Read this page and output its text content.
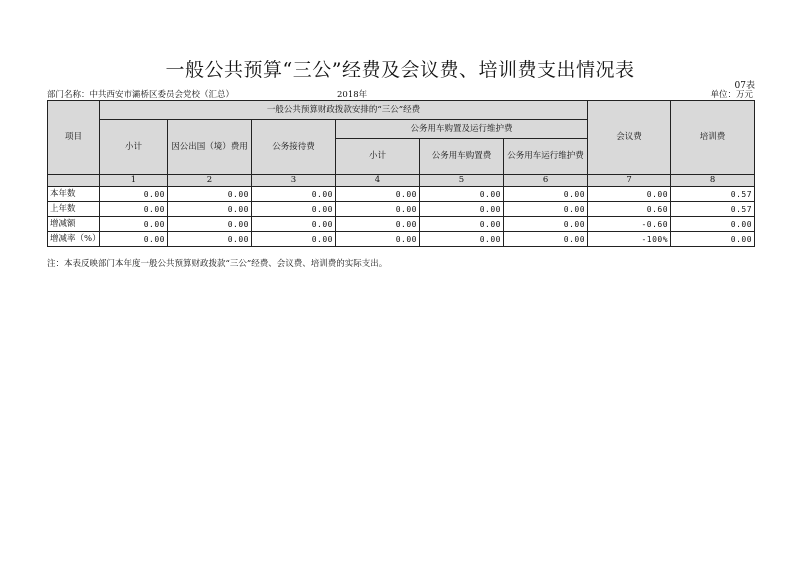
一般公共预算“三公”经费及会议费、培训费支出情况表
07表
部门名称：中共西安市灞桥区委员会党校（汇总）	2018年	单位：万元
项目	一般公共预算财政拨款安排的“三公”经费						会议费	培训费
	小计	因公出国（境）费用	公务接待费	公务用车购置及运行维护费				
				小计	公务用车购置费	公务用车运行维护费		

	1	2	3	4	5	6	7	8
本年数	0.00	0.00	0.00	0.00	0.00	0.00	0.00	0.57
上年数	0.00	0.00	0.00	0.00	0.00	0.00	0.60	0.57
增减额	0.00	0.00	0.00	0.00	0.00	0.00	-0.60	0.00
增减率（%）	0.00	0.00	0.00	0.00	0.00	0.00	-100%	0.00
注：本表反映部门本年度一般公共预算财政拨款“三公”经费、会议费、培训费的实际支出。
